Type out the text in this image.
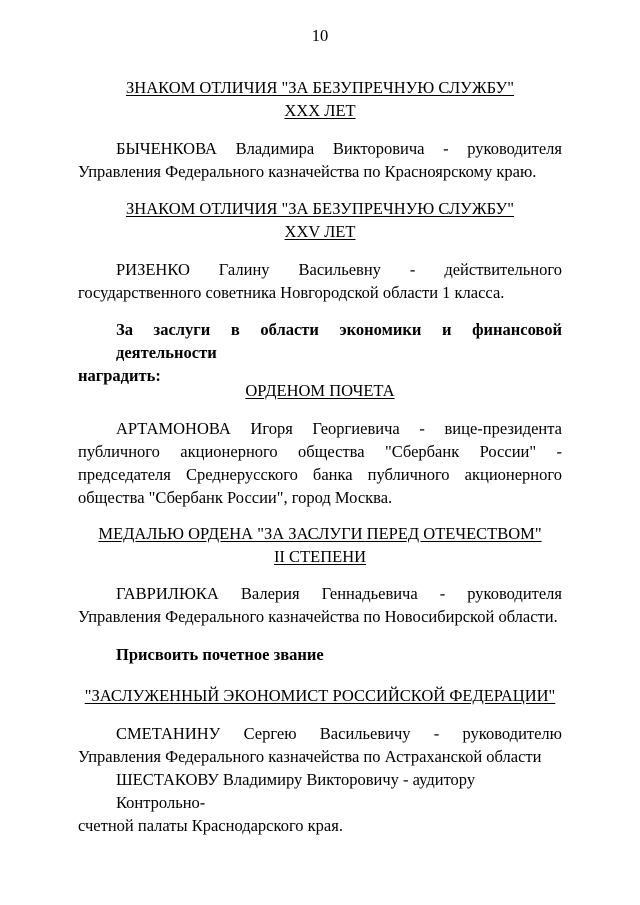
10
ЗНАКОМ ОТЛИЧИЯ "ЗА БЕЗУПРЕЧНУЮ СЛУЖБУ"
XXX ЛЕТ
БЫЧЕНКОВА Владимира Викторовича - руководителя
Управления Федерального казначейства по Красноярскому краю.
ЗНАКОМ ОТЛИЧИЯ "ЗА БЕЗУПРЕЧНУЮ СЛУЖБУ"
XXV ЛЕТ
РИЗЕНКО Галину Васильевну - действительного
государственного советника Новгородской области 1 класса.
За заслуги в области экономики и финансовой деятельности
наградить:
ОРДЕНОМ ПОЧЕТА
АРТАМОНОВА Игоря Георгиевича - вице-президента
публичного акционерного общества "Сбербанк России" -
председателя Среднерусского банка публичного акционерного
общества "Сбербанк России", город Москва.
МЕДАЛЬЮ ОРДЕНА "ЗА ЗАСЛУГИ ПЕРЕД ОТЕЧЕСТВОМ"
II СТЕПЕНИ
ГАВРИЛЮКА Валерия Геннадьевича - руководителя
Управления Федерального казначейства по Новосибирской области.
Присвоить почетное звание
"ЗАСЛУЖЕННЫЙ ЭКОНОМИСТ РОССИЙСКОЙ ФЕДЕРАЦИИ"
СМЕТАНИНУ Сергею Васильевичу - руководителю
Управления Федерального казначейства по Астраханской области
ШЕСТАКОВУ Владимиру Викторовичу - аудитору Контрольно-
счетной палаты Краснодарского края.
